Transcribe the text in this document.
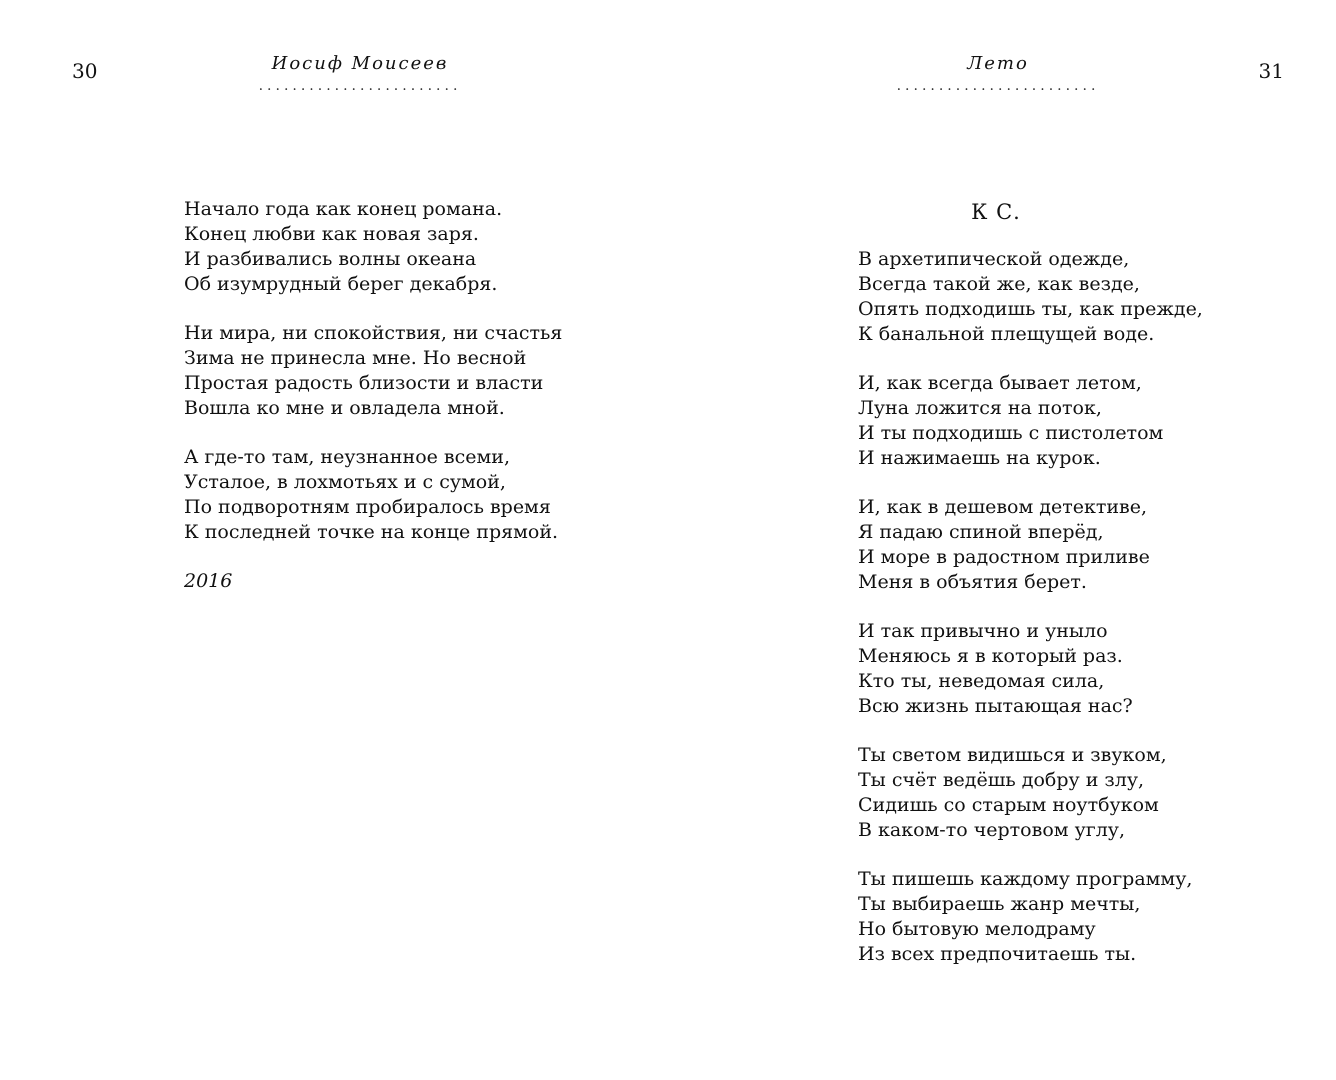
30	Иосиф Моисеев
........................
Начало года как конец романа.
Конец любви как новая заря.
И разбивались волны океана
Об изумрудный берег декабря.
Ни мира, ни спокойствия, ни счастья
Зима не принесла мне. Но весной
Простая радость близости и власти
Вошла ко мне и овладела мной.
А где-то там, неузнанное всеми,
Усталое, в лохмотьях и с сумой,
По подворотням пробиралось время
К последней точке на конце прямой.
2016
31
Лето
........................
К С.
В архетипической одежде,
Всегда такой же, как везде,
Опять подходишь ты, как прежде,
К банальной плещущей воде.
И, как всегда бывает летом,
Луна ложится на поток,
И ты подходишь с пистолетом
И нажимаешь на курок.
И, как в дешевом детективе,
Я падаю спиной вперёд,
И море в радостном приливе
Меня в объятия берет.
И так привычно и уныло
Меняюсь я в который раз.
Кто ты, неведомая сила,
Всю жизнь пытающая нас?
Ты светом видишься и звуком,
Ты счёт ведёшь добру и злу,
Сидишь со старым ноутбуком
В каком-то чертовом углу,
Ты пишешь каждому программу,
Ты выбираешь жанр мечты,
Но бытовую мелодраму
Из всех предпочитаешь ты.
